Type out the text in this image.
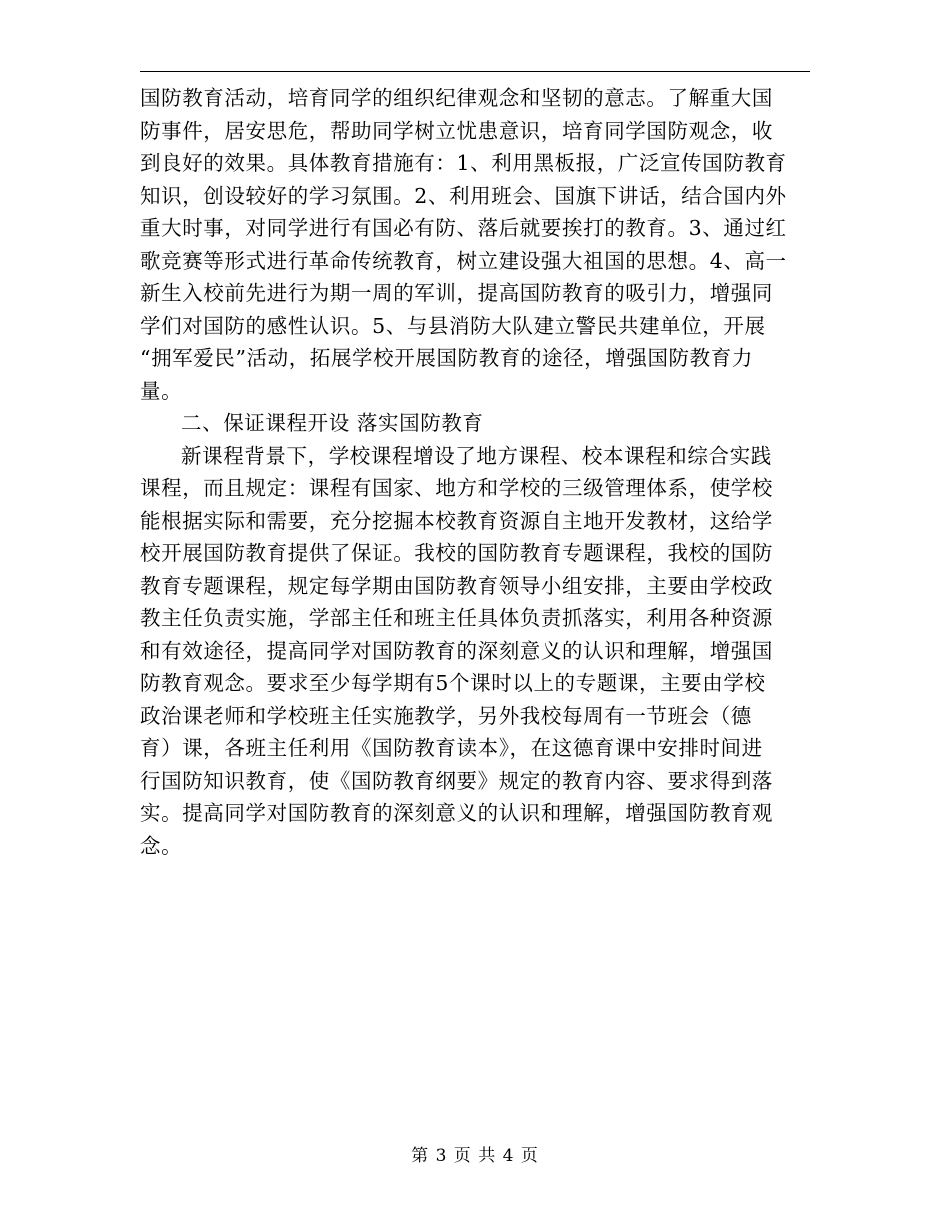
国防教育活动，培育同学的组织纪律观念和坚韧的意志。了解重大国
防事件，居安思危，帮助同学树立忧患意识，培育同学国防观念，收
到良好的效果。具体教育措施有：1、利用黑板报，广泛宣传国防教育
知识，创设较好的学习氛围。2、利用班会、国旗下讲话，结合国内外
重大时事，对同学进行有国必有防、落后就要挨打的教育。3、通过红
歌竞赛等形式进行革命传统教育，树立建设强大祖国的思想。4、高一
新生入校前先进行为期一周的军训，提高国防教育的吸引力，增强同
学们对国防的感性认识。5、与县消防大队建立警民共建单位，开展
“拥军爱民”活动，拓展学校开展国防教育的途径，增强国防教育力
量。
二、保证课程开设 落实国防教育
新课程背景下，学校课程增设了地方课程、校本课程和综合实践
课程，而且规定：课程有国家、地方和学校的三级管理体系，使学校
能根据实际和需要，充分挖掘本校教育资源自主地开发教材，这给学
校开展国防教育提供了保证。我校的国防教育专题课程，我校的国防
教育专题课程，规定每学期由国防教育领导小组安排，主要由学校政
教主任负责实施，学部主任和班主任具体负责抓落实，利用各种资源
和有效途径，提高同学对国防教育的深刻意义的认识和理解，增强国
防教育观念。要求至少每学期有5个课时以上的专题课，主要由学校
政治课老师和学校班主任实施教学，另外我校每周有一节班会（德
育）课，各班主任利用《国防教育读本》，在这德育课中安排时间进
行国防知识教育，使《国防教育纲要》规定的教育内容、要求得到落
实。提高同学对国防教育的深刻意义的认识和理解，增强国防教育观
念。
第 3 页 共 4 页
